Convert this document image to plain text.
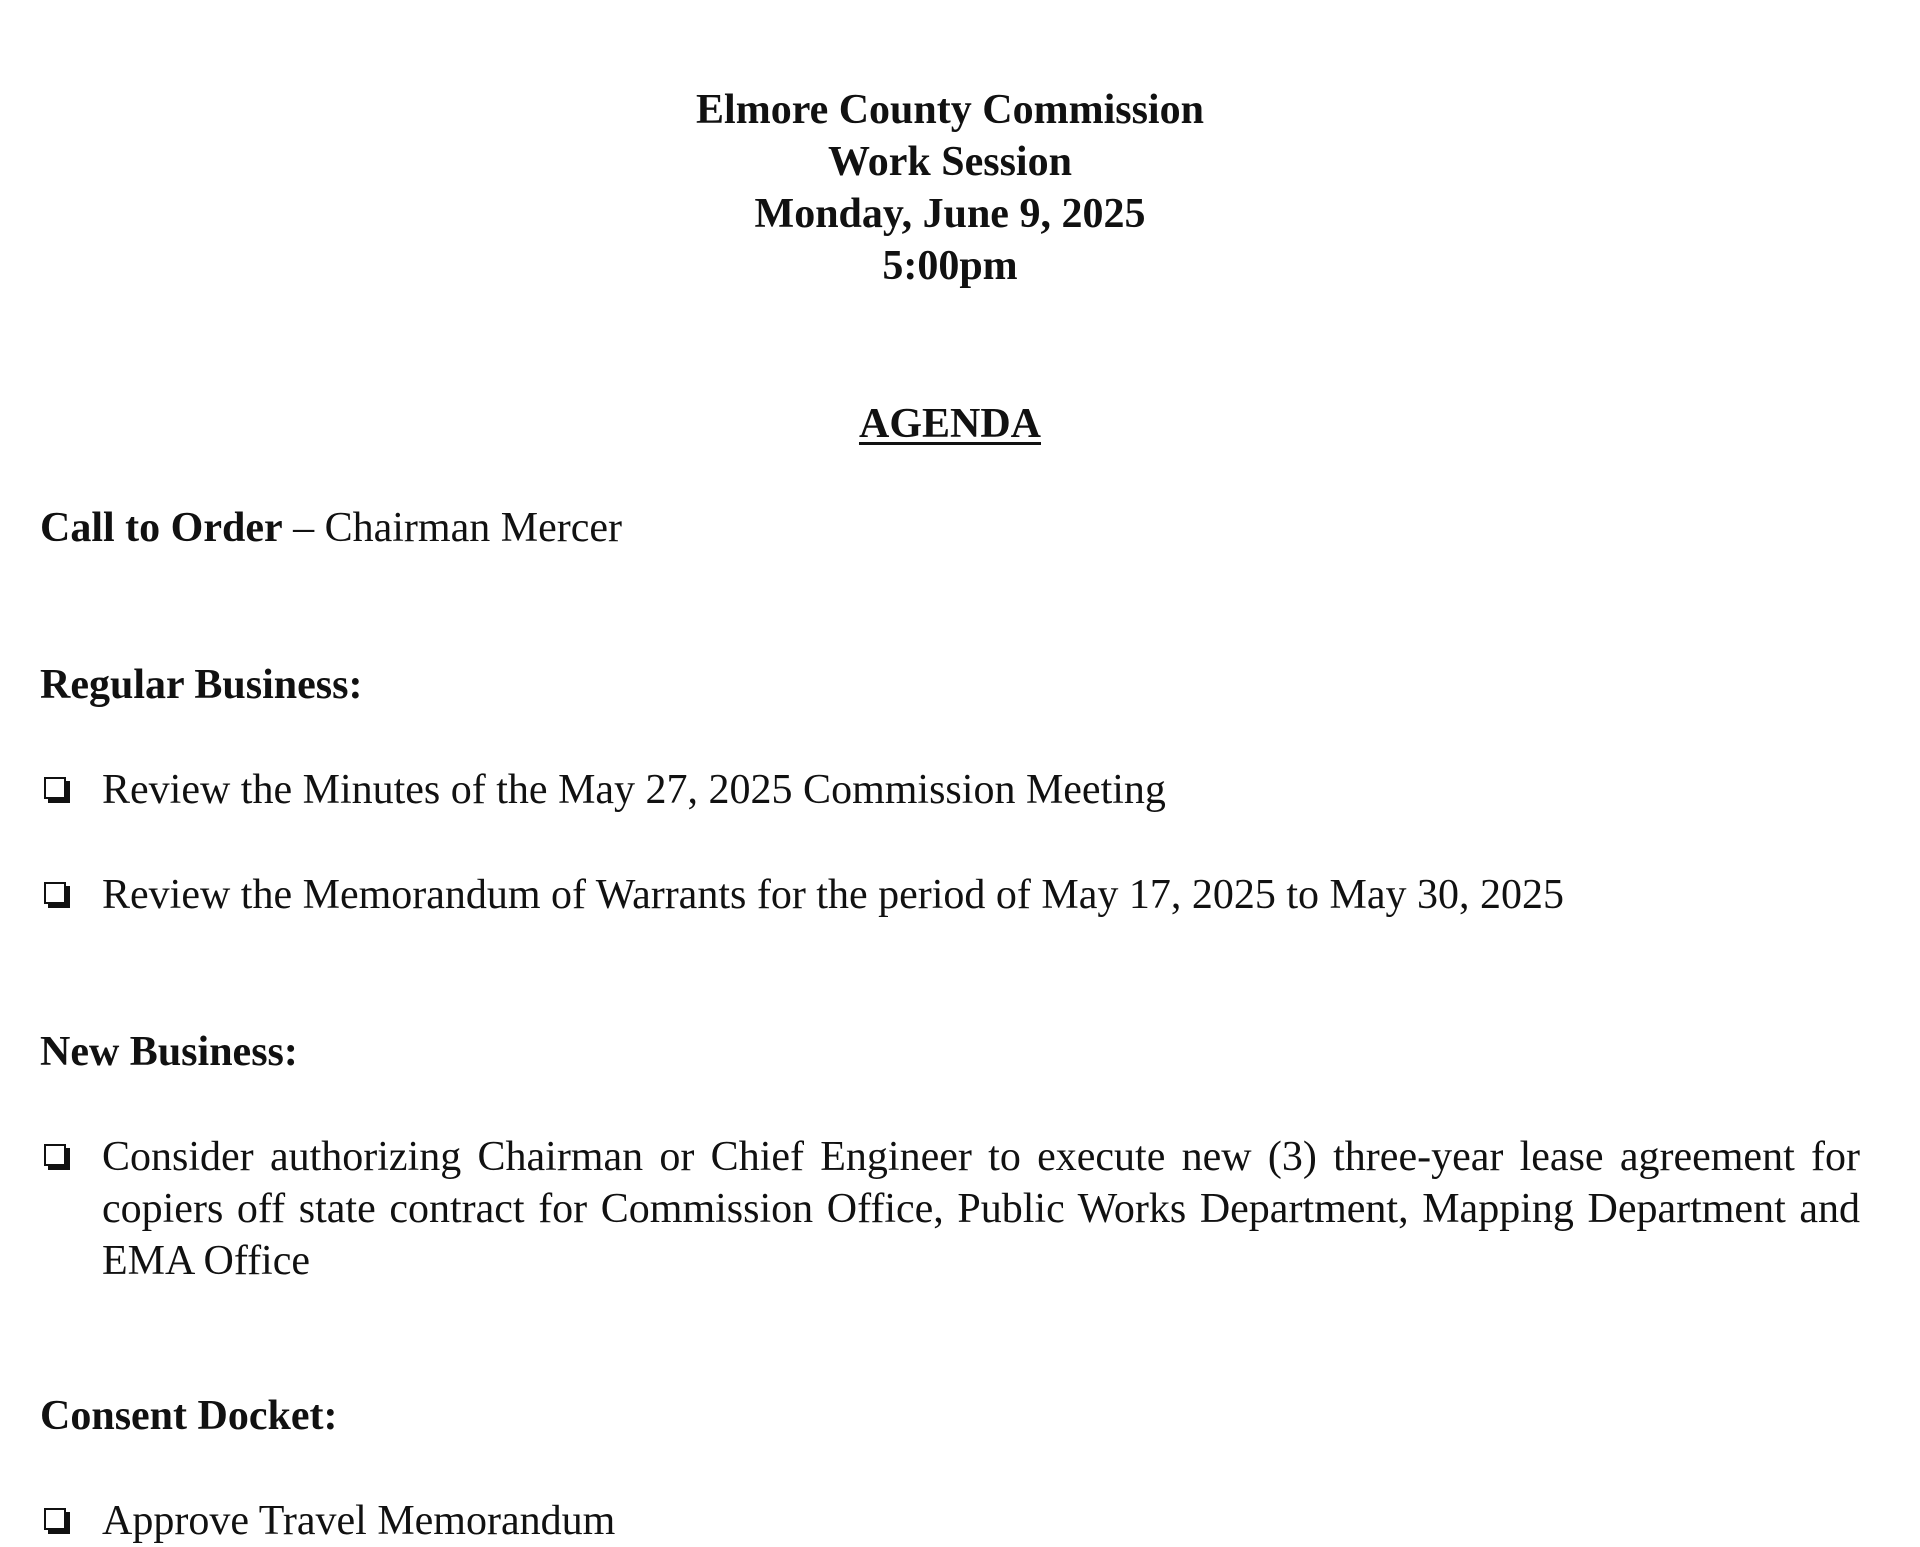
Elmore County Commission
Work Session
Monday, June 9, 2025
5:00pm
AGENDA
Call to Order – Chairman Mercer
Regular Business:
Review the Minutes of the May 27, 2025 Commission Meeting
Review the Memorandum of Warrants for the period of May 17, 2025 to May 30, 2025
New Business:
Consider authorizing Chairman or Chief Engineer to execute new (3) three-year lease agreement for copiers off state contract for Commission Office, Public Works Department, Mapping Department and EMA Office
Consent Docket:
Approve Travel Memorandum
